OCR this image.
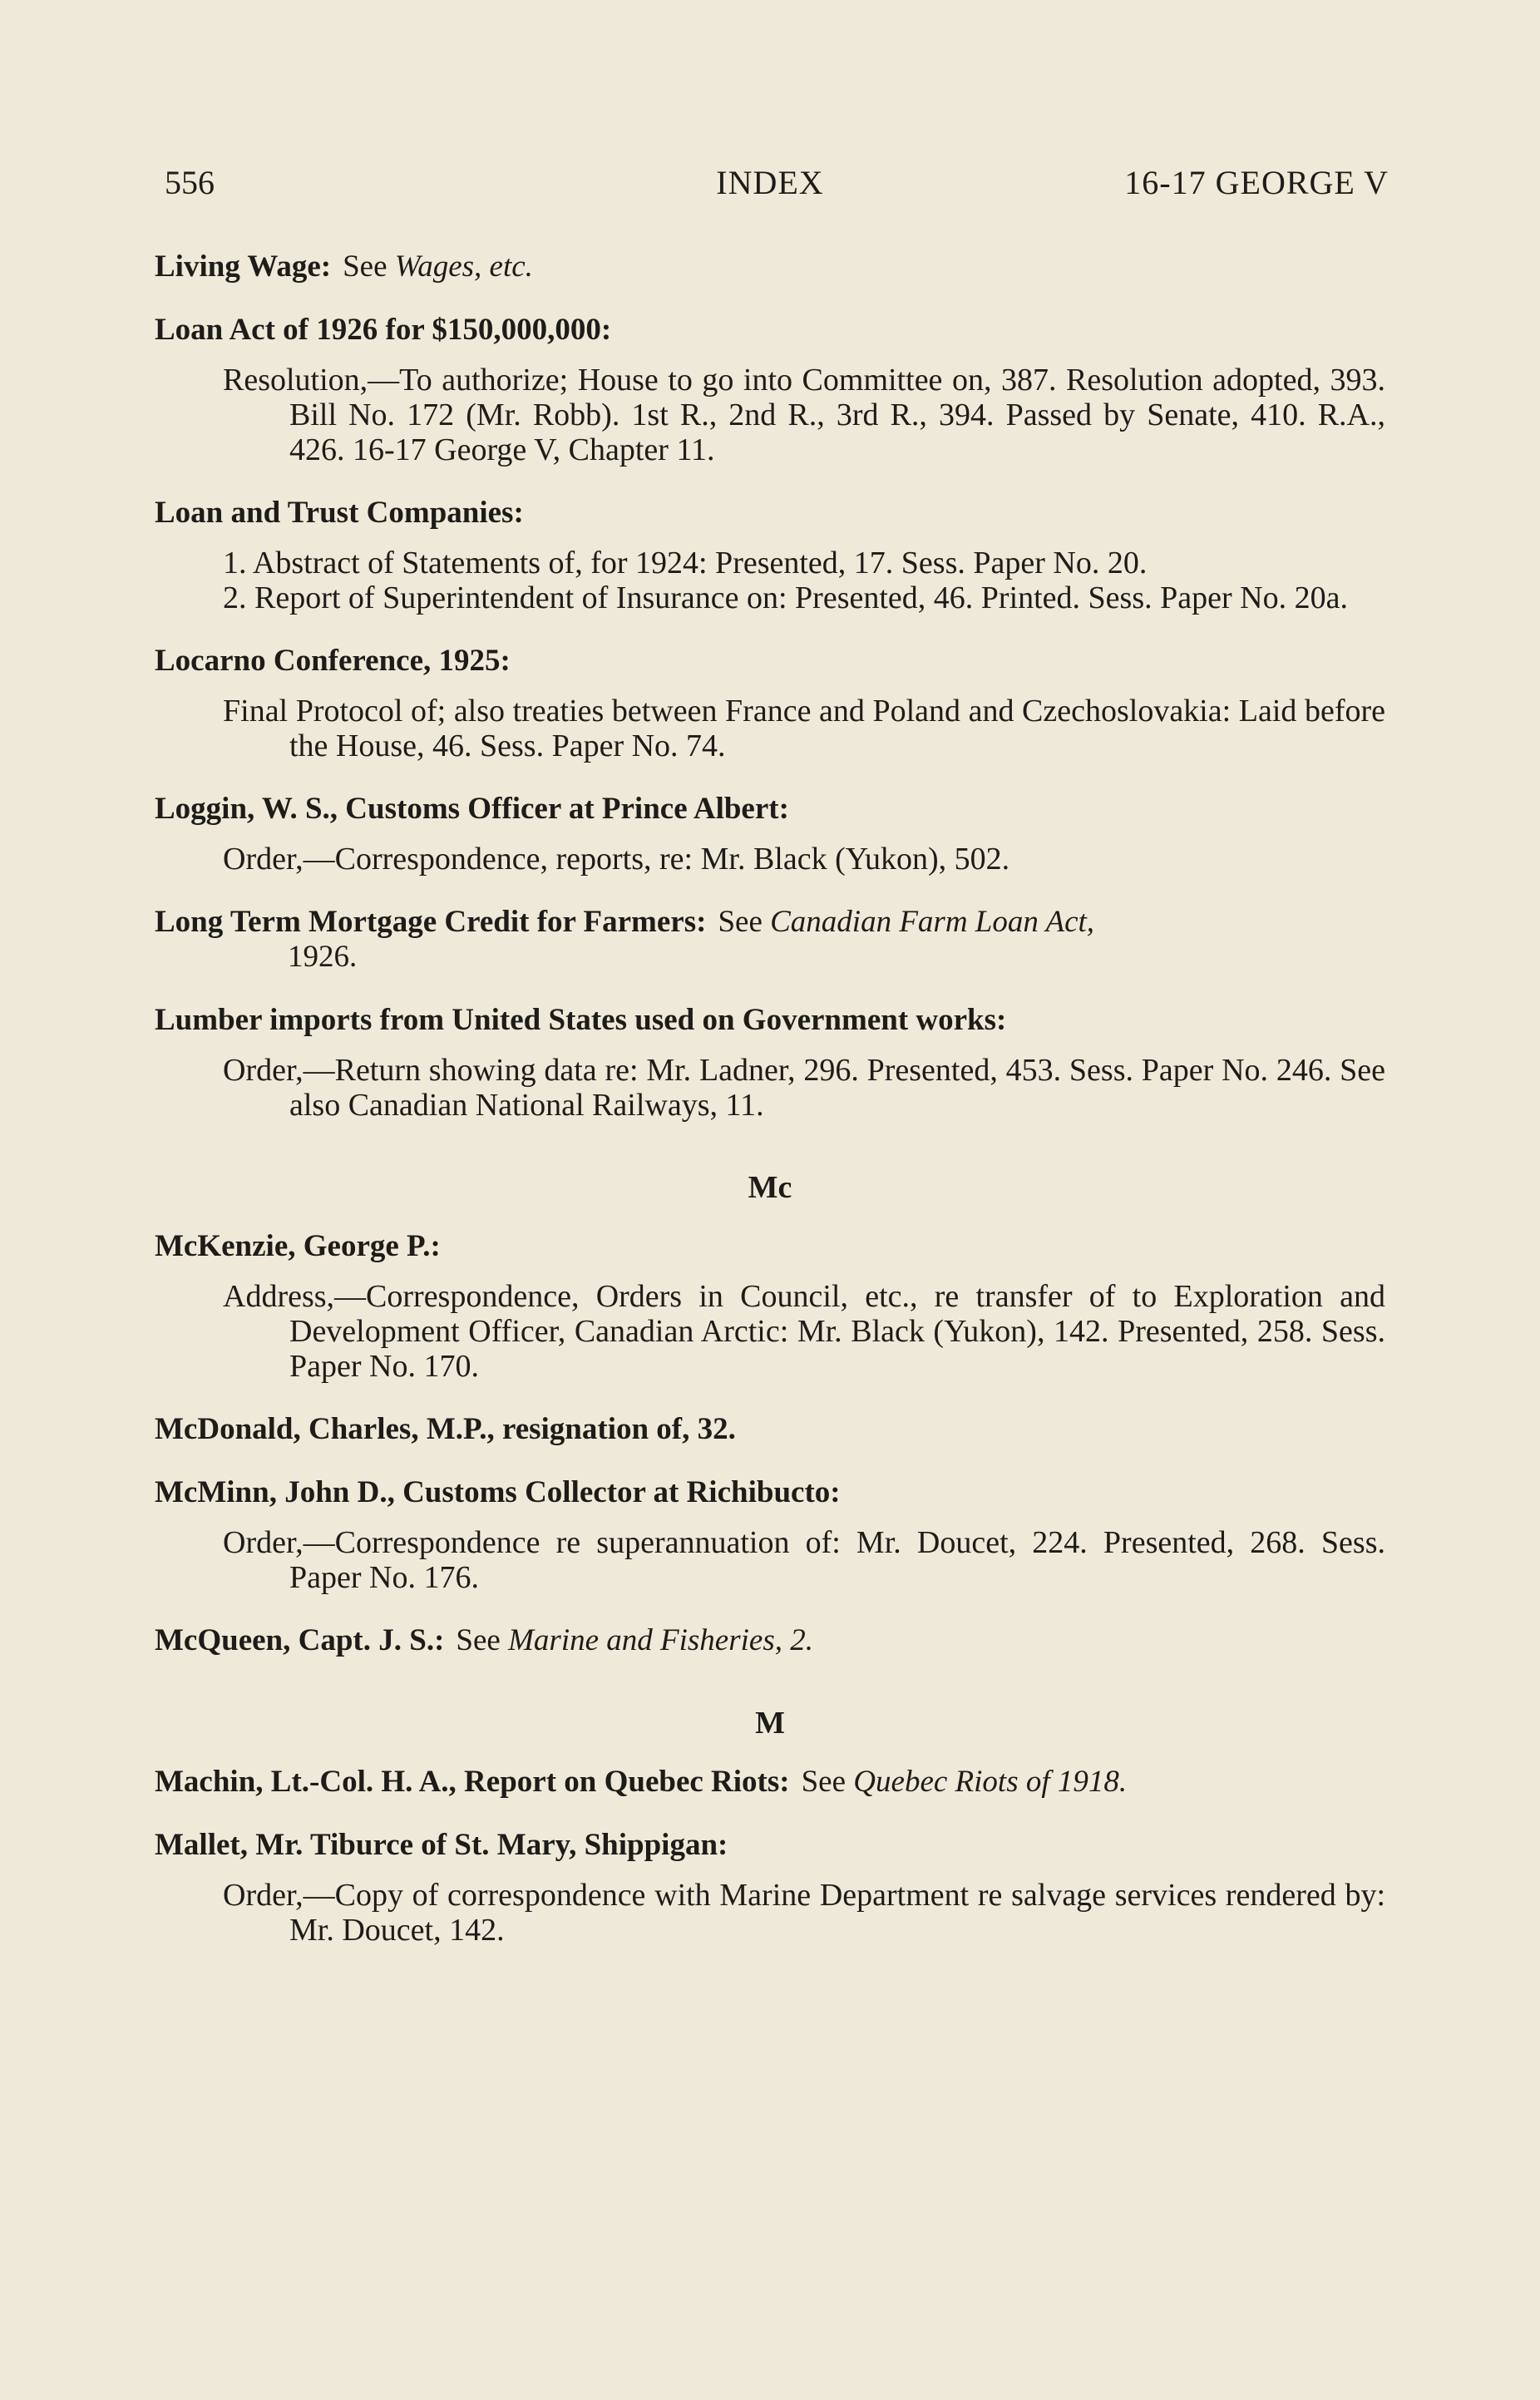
556	INDEX	16-17 GEORGE V
Living Wage: See Wages, etc.
Loan Act of 1926 for $150,000,000:
Resolution,—To authorize; House to go into Committee on, 387. Resolution adopted, 393. Bill No. 172 (Mr. Robb). 1st R., 2nd R., 3rd R., 394. Passed by Senate, 410. R.A., 426. 16-17 George V, Chapter 11.
Loan and Trust Companies:
1. Abstract of Statements of, for 1924: Presented, 17. Sess. Paper No. 20.
2. Report of Superintendent of Insurance on: Presented, 46. Printed. Sess. Paper No. 20a.
Locarno Conference, 1925:
Final Protocol of; also treaties between France and Poland and Czechoslovakia: Laid before the House, 46. Sess. Paper No. 74.
Loggin, W. S., Customs Officer at Prince Albert:
Order,—Correspondence, reports, re: Mr. Black (Yukon), 502.
Long Term Mortgage Credit for Farmers: See Canadian Farm Loan Act,
1926.
Lumber imports from United States used on Government works:
Order,—Return showing data re: Mr. Ladner, 296. Presented, 453. Sess. Paper No. 246. See also Canadian National Railways, 11.
Mc
McKenzie, George P.:
Address,—Correspondence, Orders in Council, etc., re transfer of to Exploration and Development Officer, Canadian Arctic: Mr. Black (Yukon), 142. Presented, 258. Sess. Paper No. 170.
McDonald, Charles, M.P., resignation of, 32.
McMinn, John D., Customs Collector at Richibucto:
Order,—Correspondence re superannuation of: Mr. Doucet, 224. Presented, 268. Sess. Paper No. 176.
McQueen, Capt. J. S.: See Marine and Fisheries, 2.
M
Machin, Lt.-Col. H. A., Report on Quebec Riots: See Quebec Riots of 1918.
Mallet, Mr. Tiburce of St. Mary, Shippigan:
Order,—Copy of correspondence with Marine Department re salvage services rendered by: Mr. Doucet, 142.
